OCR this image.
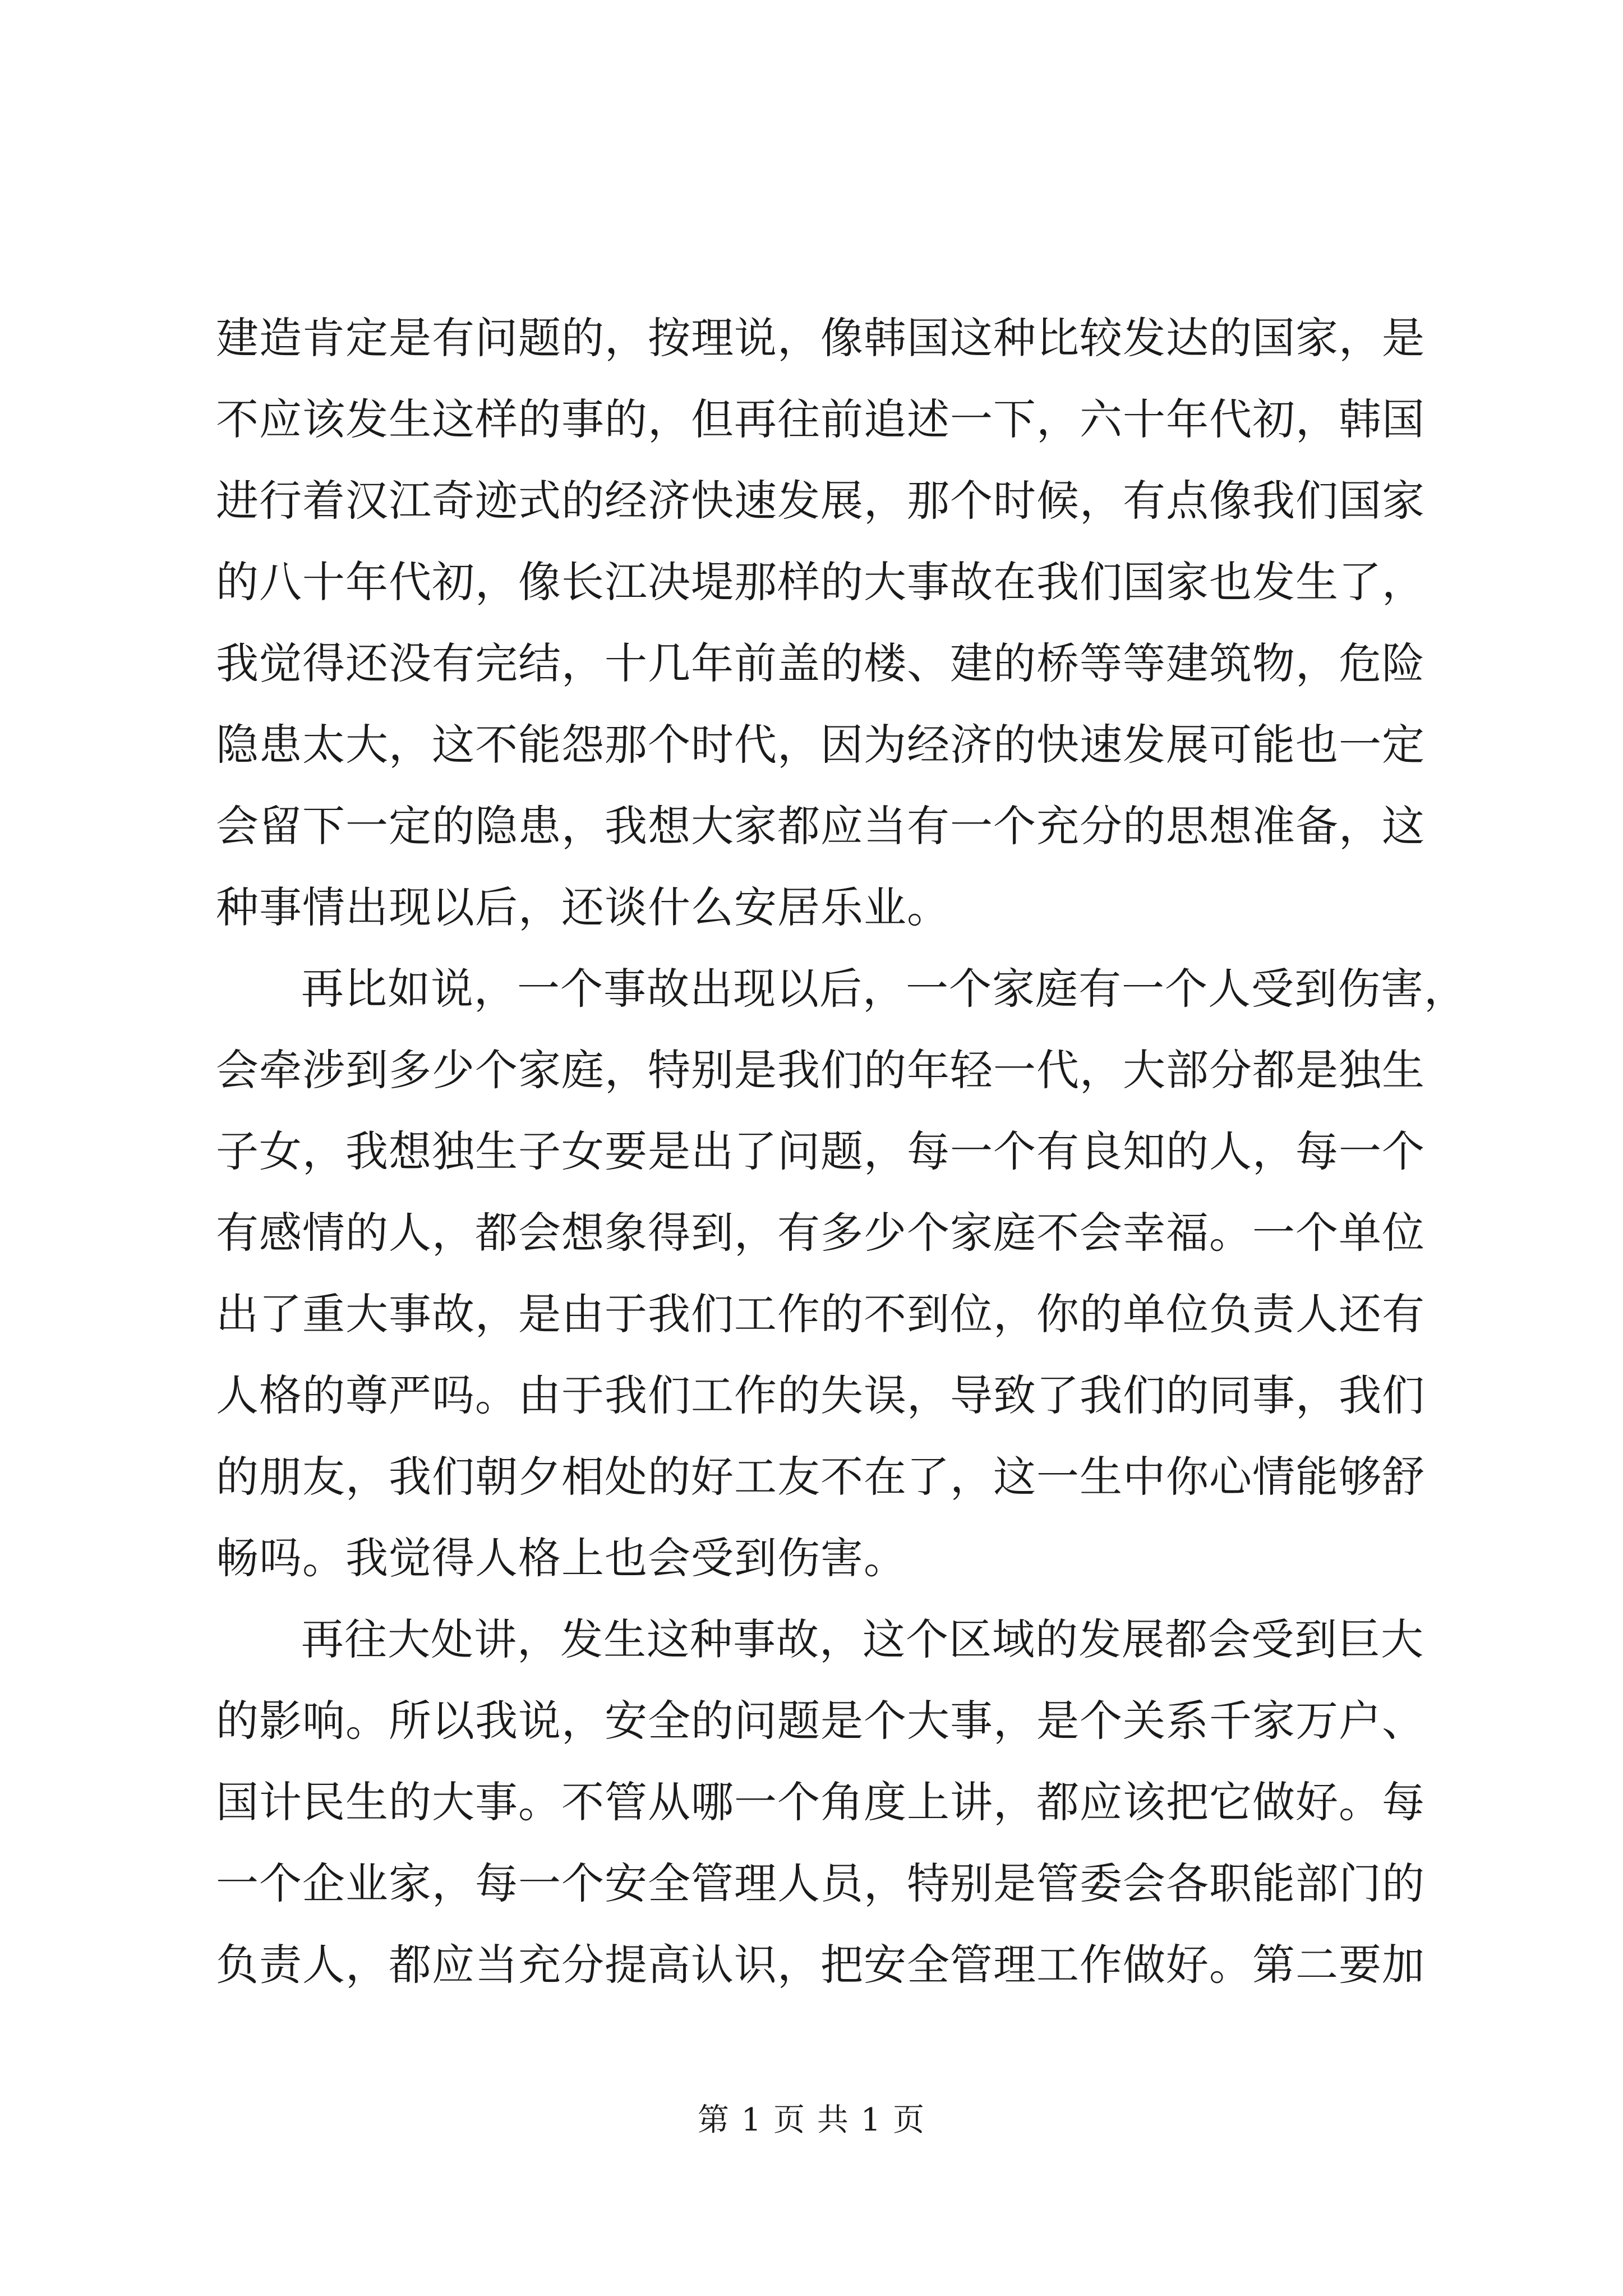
建造肯定是有问题的，按理说，像韩国这种比较发达的国家，是
不应该发生这样的事的，但再往前追述一下，六十年代初，韩国
进行着汉江奇迹式的经济快速发展，那个时候，有点像我们国家
的八十年代初，像长江决堤那样的大事故在我们国家也发生了，
我觉得还没有完结，十几年前盖的楼、建的桥等等建筑物，危险
隐患太大，这不能怨那个时代，因为经济的快速发展可能也一定
会留下一定的隐患，我想大家都应当有一个充分的思想准备，这
种事情出现以后，还谈什么安居乐业。
再比如说，一个事故出现以后，一个家庭有一个人受到伤害，
会牵涉到多少个家庭，特别是我们的年轻一代，大部分都是独生
子女，我想独生子女要是出了问题，每一个有良知的人，每一个
有感情的人，都会想象得到，有多少个家庭不会幸福。一个单位
出了重大事故，是由于我们工作的不到位，你的单位负责人还有
人格的尊严吗。由于我们工作的失误，导致了我们的同事，我们
的朋友，我们朝夕相处的好工友不在了，这一生中你心情能够舒
畅吗。我觉得人格上也会受到伤害。
再往大处讲，发生这种事故，这个区域的发展都会受到巨大
的影响。所以我说，安全的问题是个大事，是个关系千家万户、
国计民生的大事。不管从哪一个角度上讲，都应该把它做好。每
一个企业家，每一个安全管理人员，特别是管委会各职能部门的
负责人，都应当充分提高认识，把安全管理工作做好。第二要加
第 1 页 共 1 页
